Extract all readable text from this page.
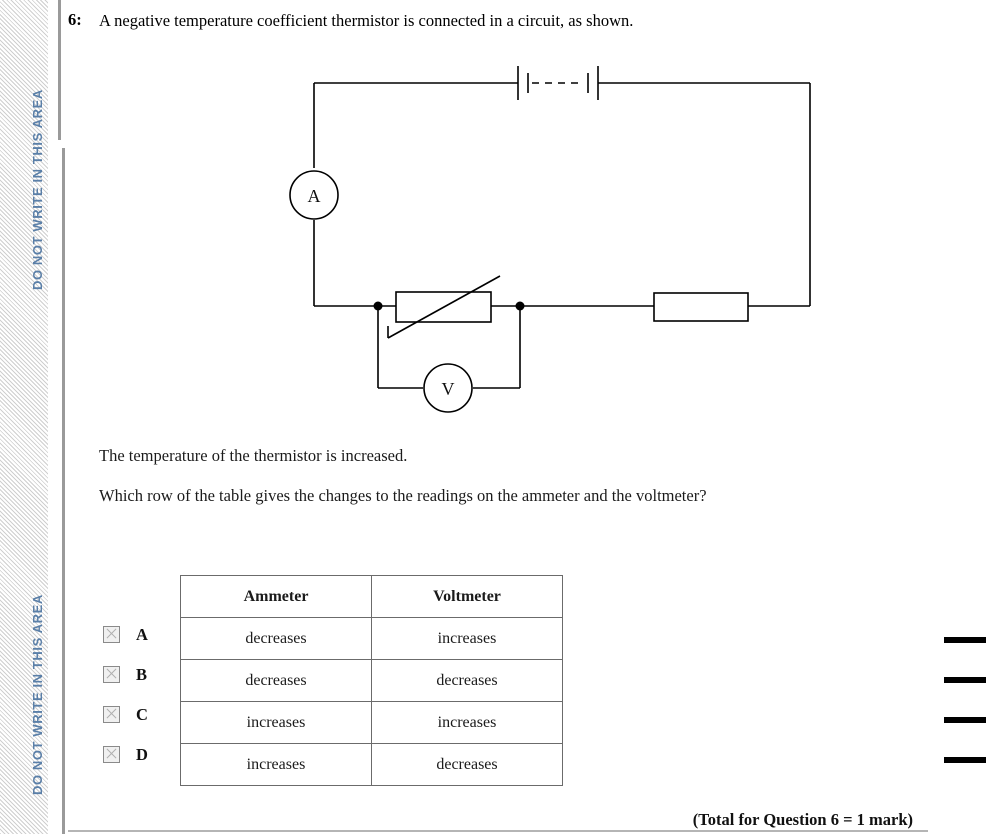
DO NOT WRITE IN THIS AREA
DO NOT WRITE IN THIS AREA
6: A negative temperature coefficient thermistor is connected in a circuit, as shown.
A
V
The temperature of the thermistor is increased.
Which row of the table gives the changes to the readings on the ammeter and the voltmeter?
Ammeter	Voltmeter
decreases	increases
decreases	decreases
increases	increases
increases	decreases
A
B
C
D
(Total for Question 6 = 1 mark)
